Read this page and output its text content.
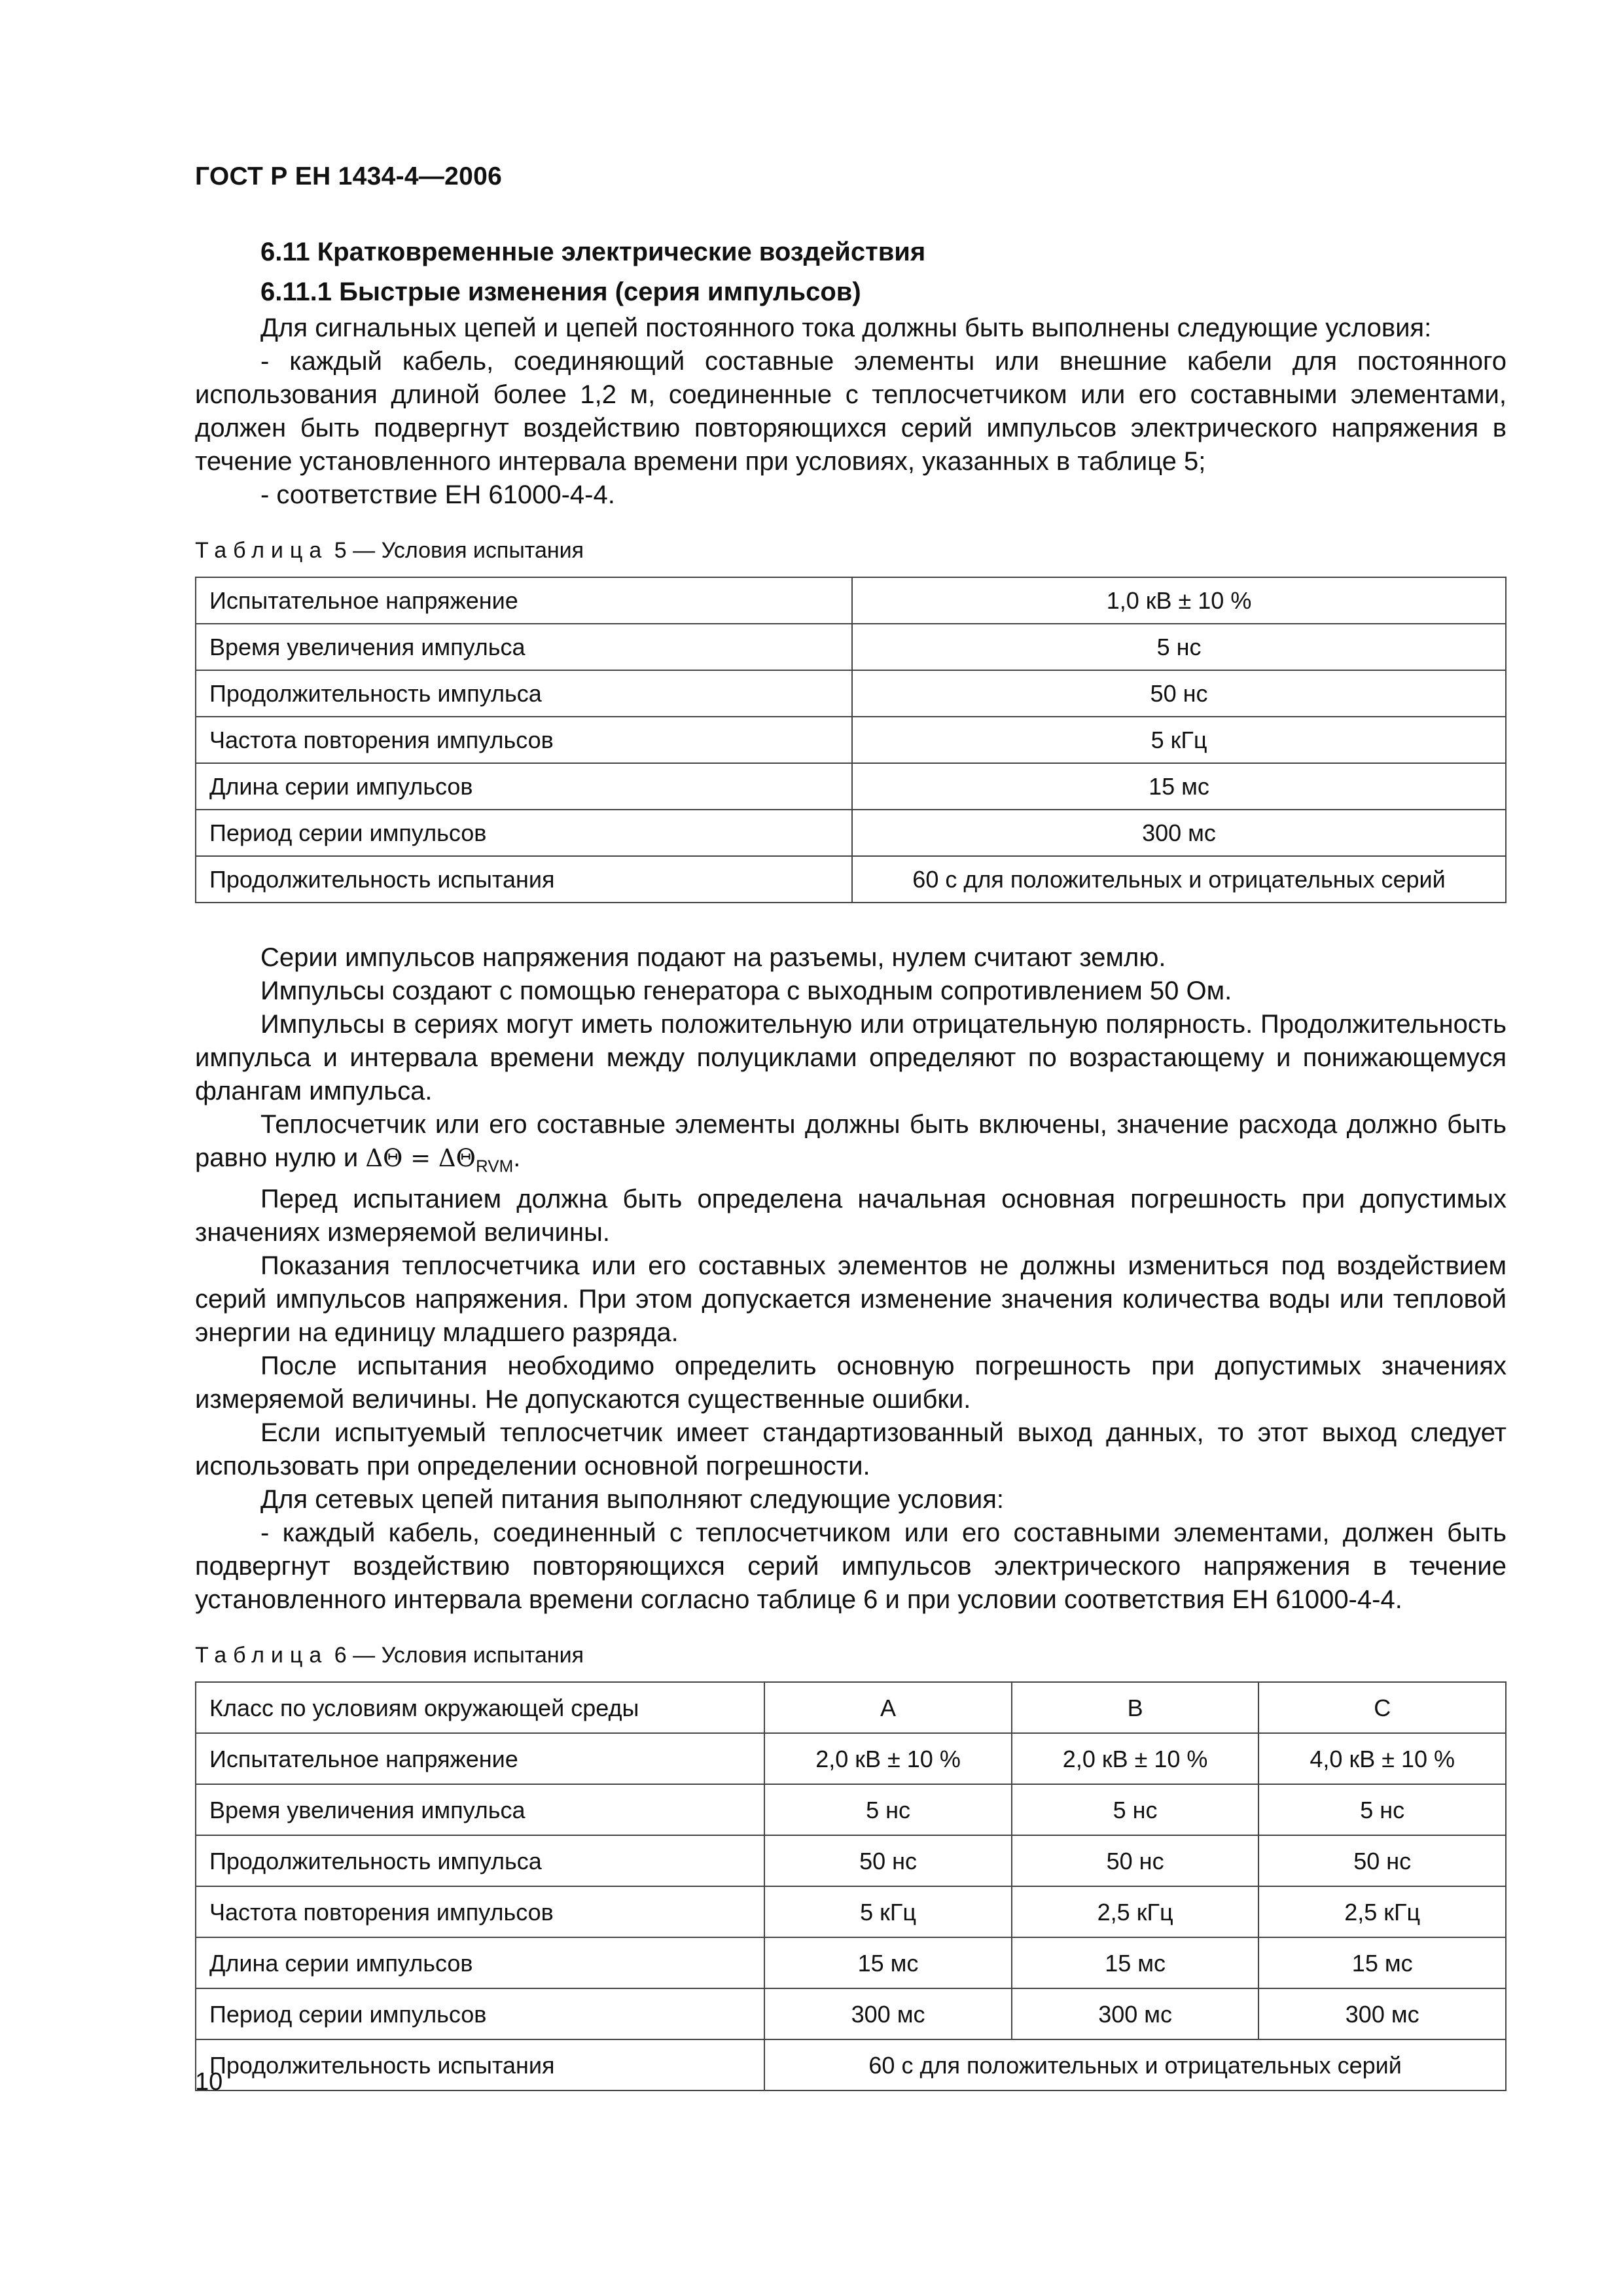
ГОСТ Р ЕН 1434-4—2006
6.11 Кратковременные электрические воздействия
6.11.1 Быстрые изменения (серия импульсов)

Для сигнальных цепей и цепей постоянного тока должны быть выполнены следующие условия:

- каждый кабель, соединяющий составные элементы или внешние кабели для постоянного использования длиной более 1,2 м, соединенные с теплосчетчиком или его составными элементами, должен быть подвергнут воздействию повторяющихся серий импульсов электрического напряжения в течение установленного интервала времени при условиях, указанных в таблице 5;

- соответствие ЕН 61000-4-4.

Таблица 5 — Условия испытания
Испытательное напряжение	1,0 кВ ± 10 %
Время увеличения импульса	5 нс
Продолжительность импульса	50 нс
Частота повторения импульсов	5 кГц
Длина серии импульсов	15 мс
Период серии импульсов	300 мс
Продолжительность испытания	60 с для положительных и отрицательных серий

Серии импульсов напряжения подают на разъемы, нулем считают землю.

Импульсы создают с помощью генератора с выходным сопротивлением 50 Ом.

Импульсы в сериях могут иметь положительную или отрицательную полярность. Продолжительность импульса и интервала времени между полуциклами определяют по возрастающему и понижающемуся флангам импульса.

Теплосчетчик или его составные элементы должны быть включены, значение расхода должно быть равно нулю и $\Delta\Theta = \Delta\Theta_{RVM}$.

Перед испытанием должна быть определена начальная основная погрешность при допустимых значениях измеряемой величины.

Показания теплосчетчика или его составных элементов не должны измениться под воздействием серий импульсов напряжения. При этом допускается изменение значения количества воды или тепловой энергии на единицу младшего разряда.

После испытания необходимо определить основную погрешность при допустимых значениях измеряемой величины. Не допускаются существенные ошибки.

Если испытуемый теплосчетчик имеет стандартизованный выход данных, то этот выход следует использовать при определении основной погрешности.

Для сетевых цепей питания выполняют следующие условия:

- каждый кабель, соединенный с теплосчетчиком или его составными элементами, должен быть подвергнут воздействию повторяющихся серий импульсов электрического напряжения в течение установленного интервала времени согласно таблице 6 и при условии соответствия ЕН 61000-4-4.

Таблица 6 — Условия испытания
Класс по условиям окружающей среды	A	B	C
Испытательное напряжение	2,0 кВ ± 10 %	2,0 кВ ± 10 %	4,0 кВ ± 10 %
Время увеличения импульса	5 нс	5 нс	5 нс
Продолжительность импульса	50 нс	50 нс	50 нс
Частота повторения импульсов	5 кГц	2,5 кГц	2,5 кГц
Длина серии импульсов	15 мс	15 мс	15 мс
Период серии импульсов	300 мс	300 мс	300 мс
Продолжительность испытания	60 с для положительных и отрицательных серий		
10
